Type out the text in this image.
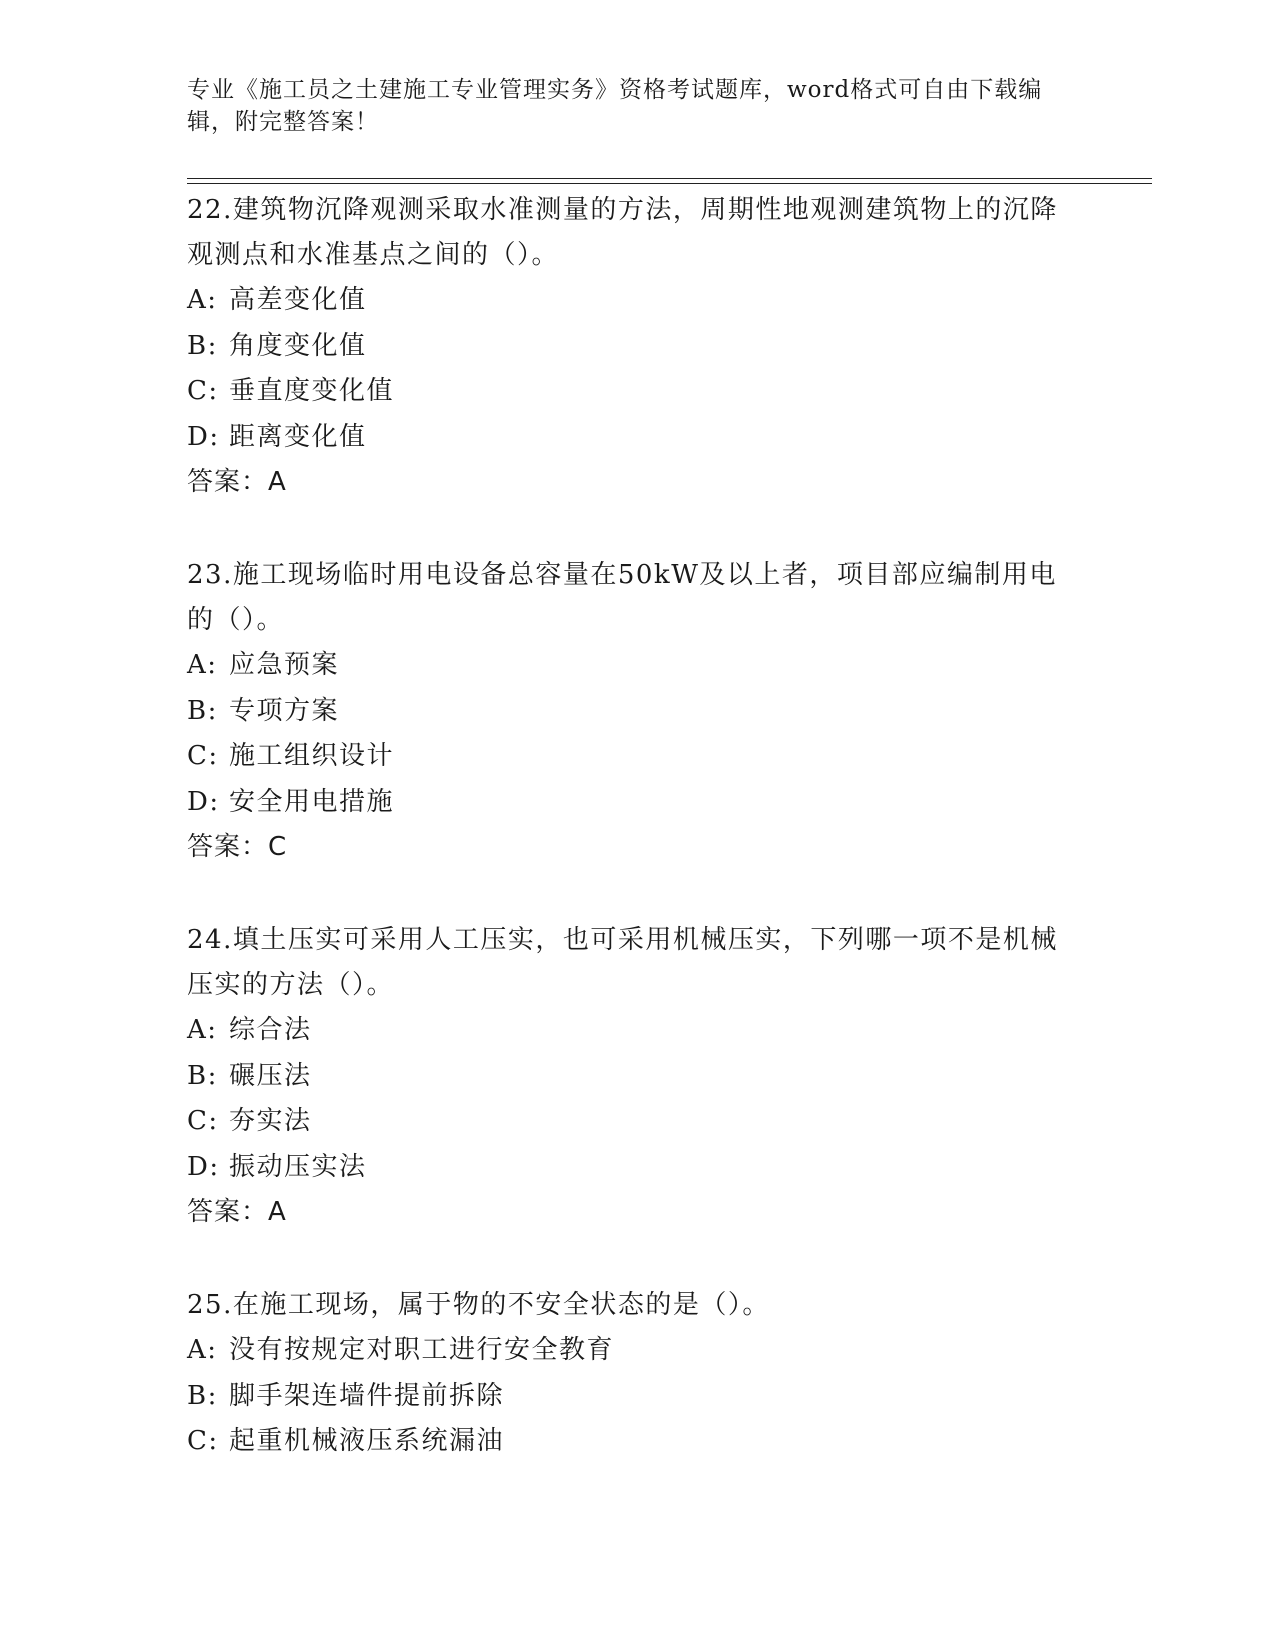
专业《施工员之土建施工专业管理实务》资格考试题库，word格式可自由下载编辑，附完整答案！
22.建筑物沉降观测采取水准测量的方法，周期性地观测建筑物上的沉降观测点和水准基点之间的（）。
A: 高差变化值
B: 角度变化值
C: 垂直度变化值
D: 距离变化值
答案：A
23.施工现场临时用电设备总容量在50kW及以上者，项目部应编制用电的（）。
A: 应急预案
B: 专项方案
C: 施工组织设计
D: 安全用电措施
答案：C
24.填土压实可采用人工压实，也可采用机械压实，下列哪一项不是机械压实的方法（）。
A: 综合法
B: 碾压法
C: 夯实法
D: 振动压实法
答案：A
25.在施工现场，属于物的不安全状态的是（）。
A: 没有按规定对职工进行安全教育
B: 脚手架连墙件提前拆除
C: 起重机械液压系统漏油
